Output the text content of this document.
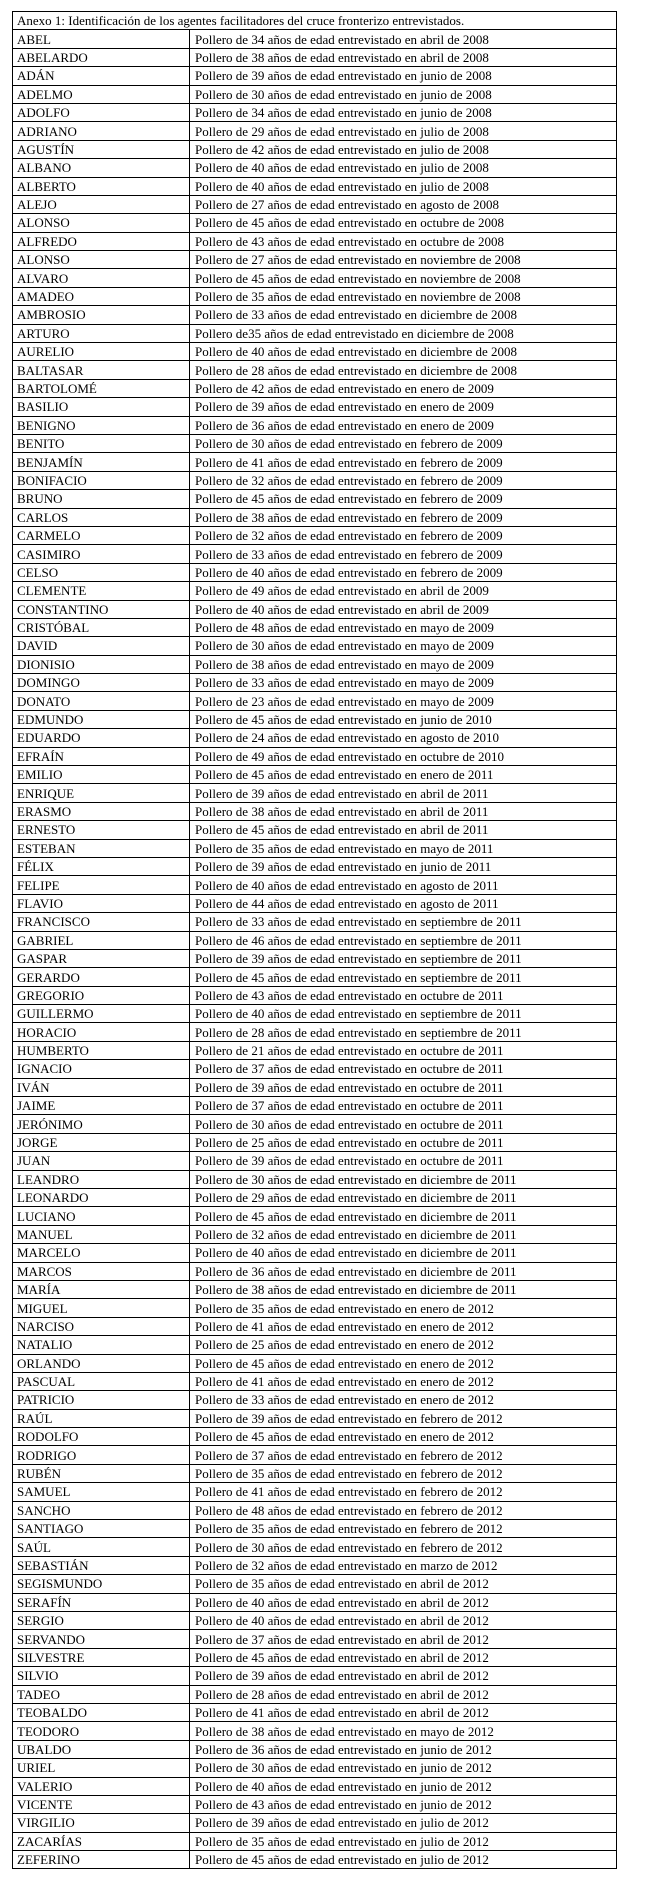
Anexo 1: Identificación de los agentes facilitadores del cruce fronterizo entrevistados.	
ABEL	Pollero de 34 años de edad entrevistado en abril de 2008
ABELARDO	Pollero de 38 años de edad entrevistado en abril de 2008
ADÁN	Pollero de 39 años de edad entrevistado en junio de 2008
ADELMO	Pollero de 30 años de edad entrevistado en junio de 2008
ADOLFO	Pollero de 34 años de edad entrevistado en junio de 2008
ADRIANO	Pollero de 29 años de edad entrevistado en julio de 2008
AGUSTÍN	Pollero de 42 años de edad entrevistado en julio de 2008
ALBANO	Pollero de 40 años de edad entrevistado en julio de 2008
ALBERTO	Pollero de 40 años de edad entrevistado en julio de 2008
ALEJO	Pollero de 27 años de edad entrevistado en agosto de 2008
ALONSO	Pollero de 45 años de edad entrevistado en octubre de 2008
ALFREDO	Pollero de 43 años de edad entrevistado en octubre de 2008
ALONSO	Pollero de 27 años de edad entrevistado en noviembre de 2008
ALVARO	Pollero de 45 años de edad entrevistado en noviembre de 2008
AMADEO	Pollero de 35 años de edad entrevistado en noviembre de 2008
AMBROSIO	Pollero de 33 años de edad entrevistado en diciembre de 2008
ARTURO	Pollero de35 años de edad entrevistado en diciembre de 2008
AURELIO	Pollero de 40 años de edad entrevistado en diciembre de 2008
BALTASAR	Pollero de 28 años de edad entrevistado en diciembre de 2008
BARTOLOMÉ	Pollero de 42 años de edad entrevistado en enero de 2009
BASILIO	Pollero de 39 años de edad entrevistado en enero de 2009
BENIGNO	Pollero de 36 años de edad entrevistado en enero de 2009
BENITO	Pollero de 30 años de edad entrevistado en febrero de 2009
BENJAMÍN	Pollero de 41 años de edad entrevistado en febrero de 2009
BONIFACIO	Pollero de 32 años de edad entrevistado en febrero de 2009
BRUNO	Pollero de 45 años de edad entrevistado en febrero de 2009
CARLOS	Pollero de 38 años de edad entrevistado en febrero de 2009
CARMELO	Pollero de 32 años de edad entrevistado en febrero de 2009
CASIMIRO	Pollero de 33 años de edad entrevistado en febrero de 2009
CELSO	Pollero de 40 años de edad entrevistado en febrero de 2009
CLEMENTE	Pollero de 49 años de edad entrevistado en abril de 2009
CONSTANTINO	Pollero de 40 años de edad entrevistado en abril de 2009
CRISTÓBAL	Pollero de 48 años de edad entrevistado en mayo de 2009
DAVID	Pollero de 30 años de edad entrevistado en mayo de 2009
DIONISIO	Pollero de 38 años de edad entrevistado en mayo de 2009
DOMINGO	Pollero de 33 años de edad entrevistado en mayo de 2009
DONATO	Pollero de 23 años de edad entrevistado en mayo de 2009
EDMUNDO	Pollero de 45 años de edad entrevistado en junio de 2010
EDUARDO	Pollero de 24 años de edad entrevistado en agosto de 2010
EFRAÍN	Pollero de 49 años de edad entrevistado en octubre de 2010
EMILIO	Pollero de 45 años de edad entrevistado en enero de 2011
ENRIQUE	Pollero de 39 años de edad entrevistado en abril de 2011
ERASMO	Pollero de 38 años de edad entrevistado en abril de 2011
ERNESTO	Pollero de 45 años de edad entrevistado en abril de 2011
ESTEBAN	Pollero de 35 años de edad entrevistado en mayo de 2011
FÉLIX	Pollero de 39 años de edad entrevistado en junio de 2011
FELIPE	Pollero de 40 años de edad entrevistado en agosto de 2011
FLAVIO	Pollero de 44 años de edad entrevistado en agosto de 2011
FRANCISCO	Pollero de 33 años de edad entrevistado en septiembre de 2011
GABRIEL	Pollero de 46 años de edad entrevistado en septiembre de 2011
GASPAR	Pollero de 39 años de edad entrevistado en septiembre de 2011
GERARDO	Pollero de 45 años de edad entrevistado en septiembre de 2011
GREGORIO	Pollero de 43 años de edad entrevistado en octubre de 2011
GUILLERMO	Pollero de 40 años de edad entrevistado en septiembre de 2011
HORACIO	Pollero de 28 años de edad entrevistado en septiembre de 2011
HUMBERTO	Pollero de 21 años de edad entrevistado en octubre de 2011
IGNACIO	Pollero de 37 años de edad entrevistado en octubre de 2011
IVÁN	Pollero de 39 años de edad entrevistado en octubre de 2011
JAIME	Pollero de 37 años de edad entrevistado en octubre de 2011
JERÓNIMO	Pollero de 30 años de edad entrevistado en octubre de 2011
JORGE	Pollero de 25 años de edad entrevistado en octubre de 2011
JUAN	Pollero de 39 años de edad entrevistado en octubre de 2011
LEANDRO	Pollero de 30 años de edad entrevistado en diciembre de 2011
LEONARDO	Pollero de 29 años de edad entrevistado en diciembre de 2011
LUCIANO	Pollero de 45 años de edad entrevistado en diciembre de 2011
MANUEL	Pollero de 32 años de edad entrevistado en diciembre de 2011
MARCELO	Pollero de 40 años de edad entrevistado en diciembre de 2011
MARCOS	Pollero de 36 años de edad entrevistado en diciembre de 2011
MARÍA	Pollero de 38 años de edad entrevistado en diciembre de 2011
MIGUEL	Pollero de 35 años de edad entrevistado en enero de 2012
NARCISO	Pollero de 41 años de edad entrevistado en enero de 2012
NATALIO	Pollero de 25 años de edad entrevistado en enero de 2012
ORLANDO	Pollero de 45 años de edad entrevistado en enero de 2012
PASCUAL	Pollero de 41 años de edad entrevistado en enero de 2012
PATRICIO	Pollero de 33 años de edad entrevistado en enero de 2012
RAÚL	Pollero de 39 años de edad entrevistado en febrero de 2012
RODOLFO	Pollero de 45 años de edad entrevistado en enero de 2012
RODRIGO	Pollero de 37 años de edad entrevistado en febrero de 2012
RUBÉN	Pollero de 35 años de edad entrevistado en febrero de 2012
SAMUEL	Pollero de 41 años de edad entrevistado en febrero de 2012
SANCHO	Pollero de 48 años de edad entrevistado en febrero de 2012
SANTIAGO	Pollero de 35 años de edad entrevistado en febrero de 2012
SAÚL	Pollero de 30 años de edad entrevistado en febrero de 2012
SEBASTIÁN	Pollero de 32 años de edad entrevistado en marzo de 2012
SEGISMUNDO	Pollero de 35 años de edad entrevistado en abril de 2012
SERAFÍN	Pollero de 40 años de edad entrevistado en abril de 2012
SERGIO	Pollero de 40 años de edad entrevistado en abril de 2012
SERVANDO	Pollero de 37 años de edad entrevistado en abril de 2012
SILVESTRE	Pollero de 45 años de edad entrevistado en abril de 2012
SILVIO	Pollero de 39 años de edad entrevistado en abril de 2012
TADEO	Pollero de 28 años de edad entrevistado en abril de 2012
TEOBALDO	Pollero de 41 años de edad entrevistado en abril de 2012
TEODORO	Pollero de 38 años de edad entrevistado en mayo de 2012
UBALDO	Pollero de 36 años de edad entrevistado en junio de 2012
URIEL	Pollero de 30 años de edad entrevistado en junio de 2012
VALERIO	Pollero de 40 años de edad entrevistado en junio de 2012
VICENTE	Pollero de 43 años de edad entrevistado en junio de 2012
VIRGILIO	Pollero de 39 años de edad entrevistado en julio de 2012
ZACARÍAS	Pollero de 35 años de edad entrevistado en julio de 2012
ZEFERINO	Pollero de 45 años de edad entrevistado en julio de 2012
